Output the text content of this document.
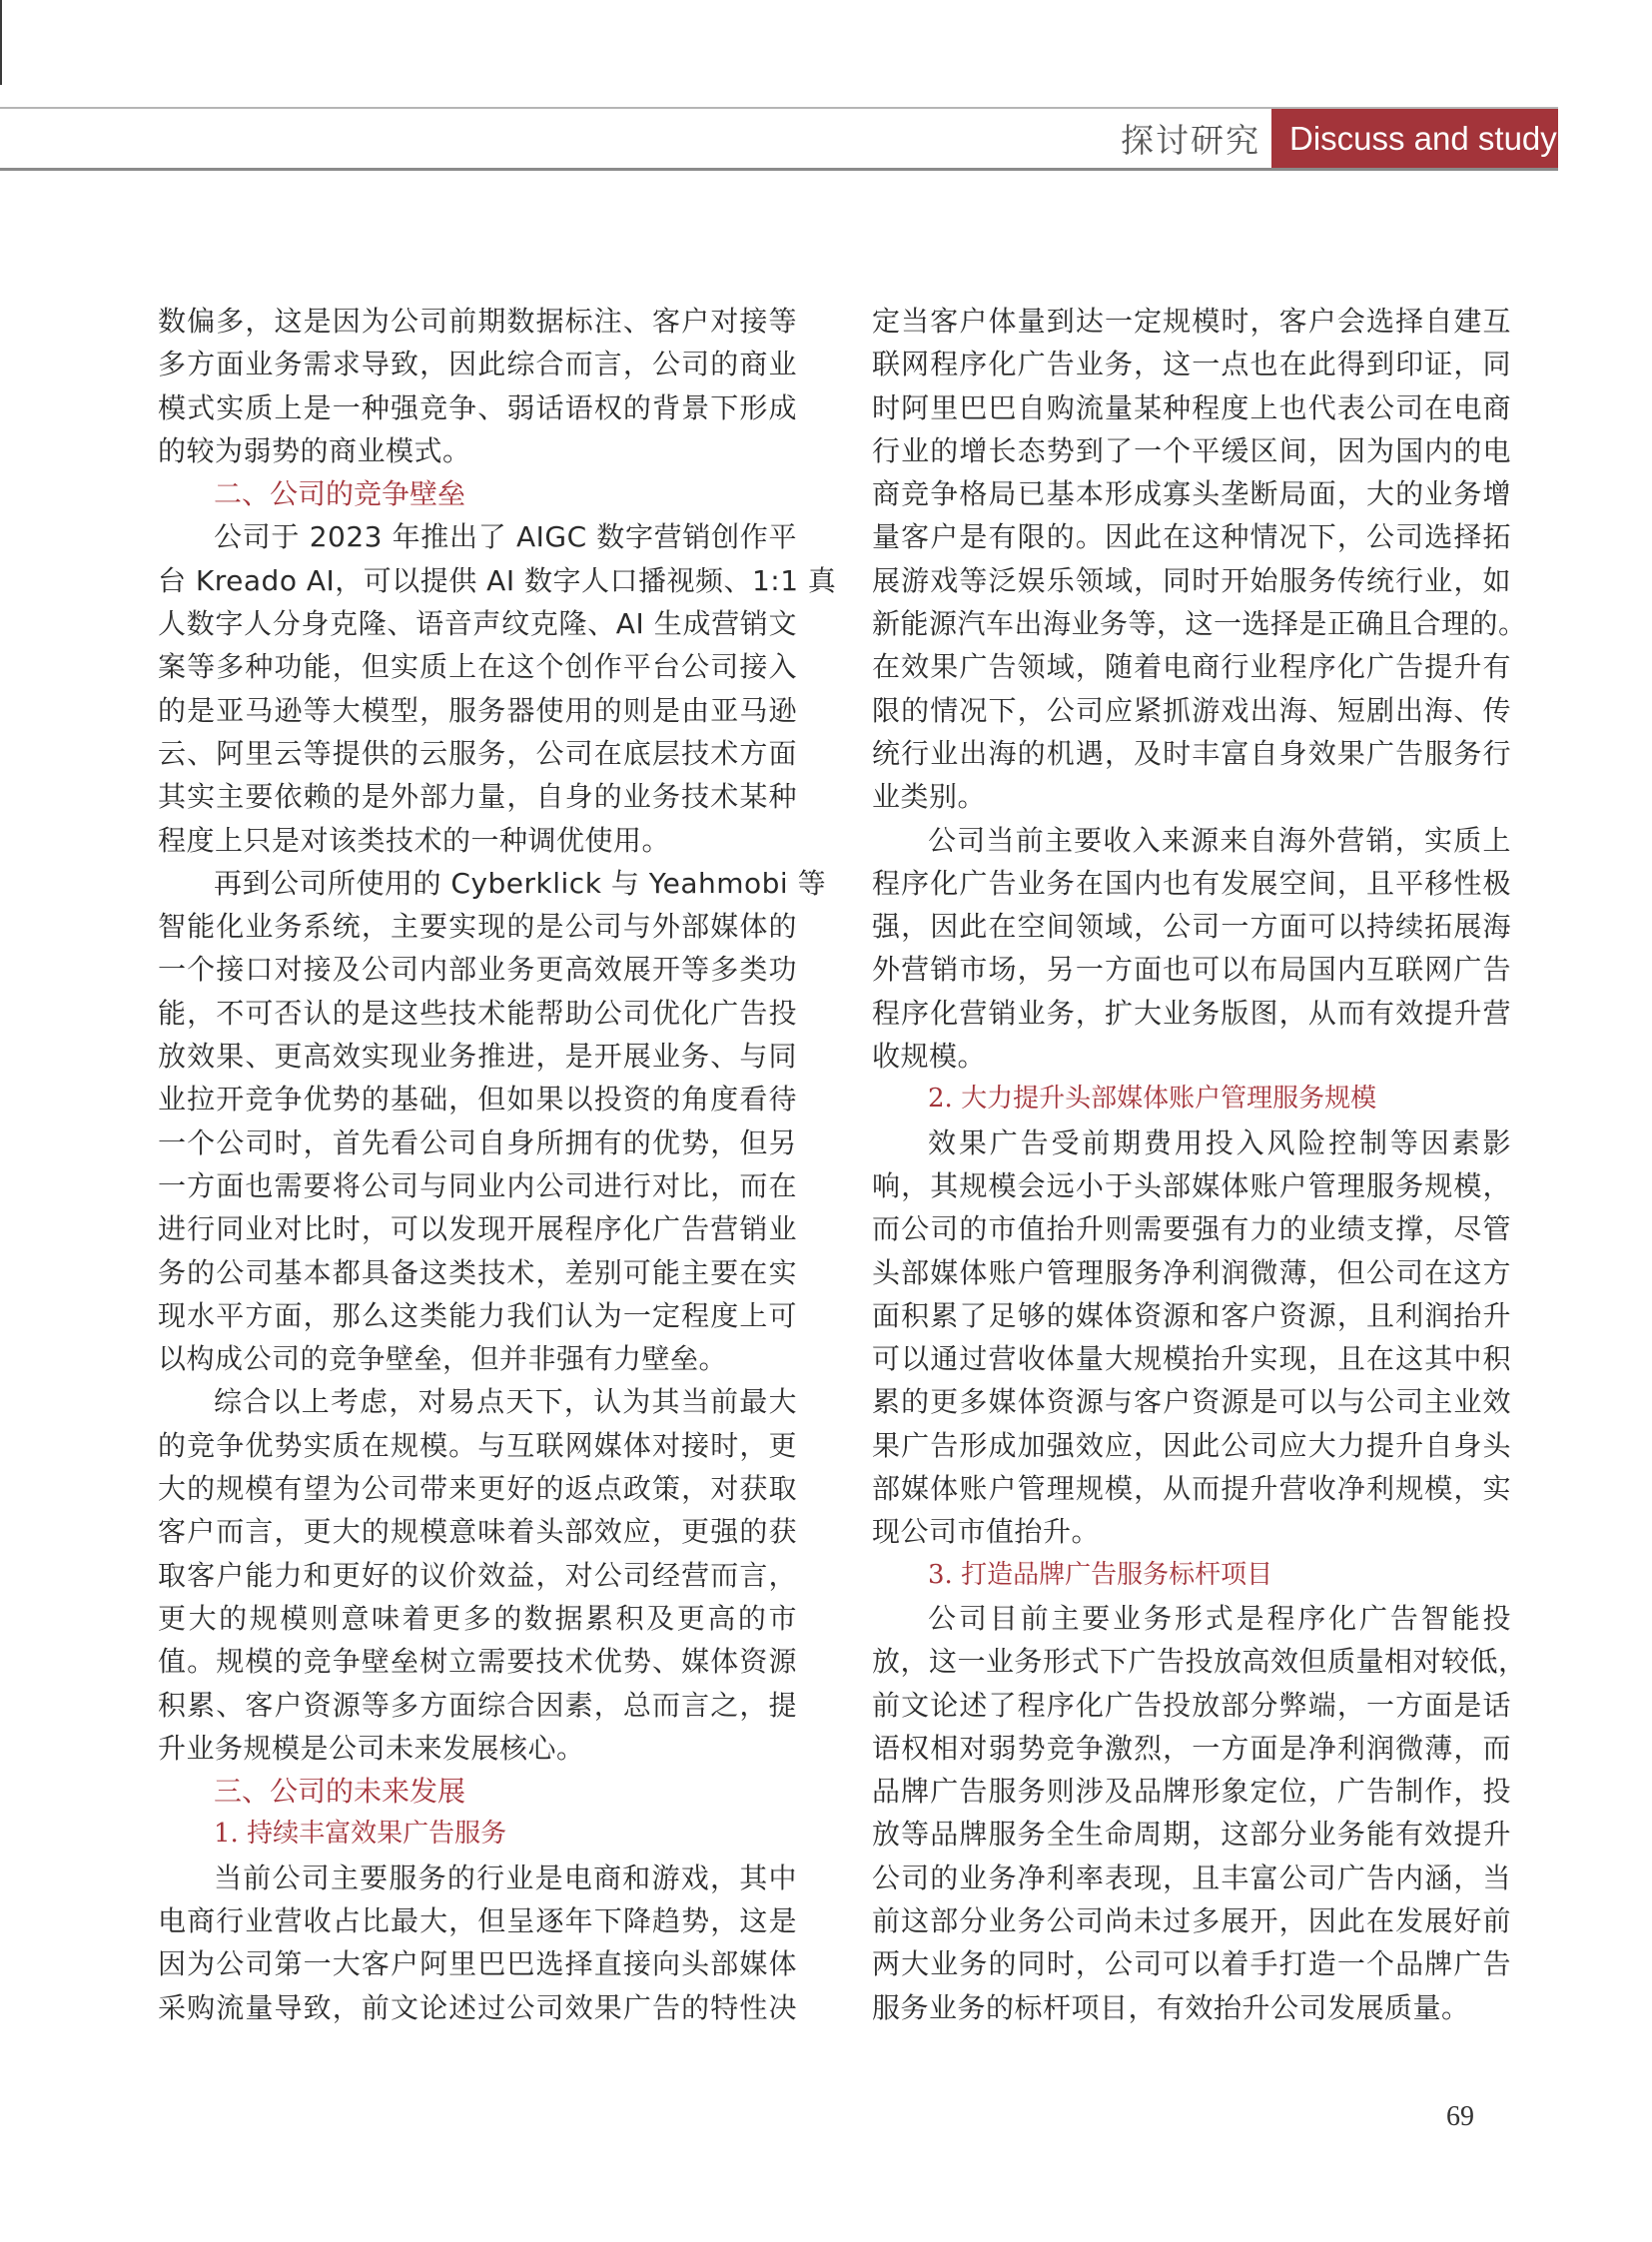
探讨研究 Discuss and study
数偏多，这是因为公司前期数据标注、客户对接等
多方面业务需求导致，因此综合而言，公司的商业
模式实质上是一种强竞争、弱话语权的背景下形成
的较为弱势的商业模式。
二、公司的竞争壁垒
公司于 2023 年推出了 AIGC 数字营销创作平
台 Kreado AI，可以提供 AI 数字人口播视频、1:1 真
人数字人分身克隆、语音声纹克隆、AI 生成营销文
案等多种功能，但实质上在这个创作平台公司接入
的是亚马逊等大模型，服务器使用的则是由亚马逊
云、阿里云等提供的云服务，公司在底层技术方面
其实主要依赖的是外部力量，自身的业务技术某种
程度上只是对该类技术的一种调优使用。
再到公司所使用的 Cyberklick 与 Yeahmobi 等
智能化业务系统，主要实现的是公司与外部媒体的
一个接口对接及公司内部业务更高效展开等多类功
能，不可否认的是这些技术能帮助公司优化广告投
放效果、更高效实现业务推进，是开展业务、与同
业拉开竞争优势的基础，但如果以投资的角度看待
一个公司时，首先看公司自身所拥有的优势，但另
一方面也需要将公司与同业内公司进行对比，而在
进行同业对比时，可以发现开展程序化广告营销业
务的公司基本都具备这类技术，差别可能主要在实
现水平方面，那么这类能力我们认为一定程度上可
以构成公司的竞争壁垒，但并非强有力壁垒。
综合以上考虑，对易点天下，认为其当前最大
的竞争优势实质在规模。与互联网媒体对接时，更
大的规模有望为公司带来更好的返点政策，对获取
客户而言，更大的规模意味着头部效应，更强的获
取客户能力和更好的议价效益，对公司经营而言，
更大的规模则意味着更多的数据累积及更高的市
值。规模的竞争壁垒树立需要技术优势、媒体资源
积累、客户资源等多方面综合因素，总而言之，提
升业务规模是公司未来发展核心。
三、公司的未来发展
1. 持续丰富效果广告服务
当前公司主要服务的行业是电商和游戏，其中
电商行业营收占比最大，但呈逐年下降趋势，这是
因为公司第一大客户阿里巴巴选择直接向头部媒体
采购流量导致，前文论述过公司效果广告的特性决
定当客户体量到达一定规模时，客户会选择自建互
联网程序化广告业务，这一点也在此得到印证，同
时阿里巴巴自购流量某种程度上也代表公司在电商
行业的增长态势到了一个平缓区间，因为国内的电
商竞争格局已基本形成寡头垄断局面，大的业务增
量客户是有限的。因此在这种情况下，公司选择拓
展游戏等泛娱乐领域，同时开始服务传统行业，如
新能源汽车出海业务等，这一选择是正确且合理的。
在效果广告领域，随着电商行业程序化广告提升有
限的情况下，公司应紧抓游戏出海、短剧出海、传
统行业出海的机遇，及时丰富自身效果广告服务行
业类别。
公司当前主要收入来源来自海外营销，实质上
程序化广告业务在国内也有发展空间，且平移性极
强，因此在空间领域，公司一方面可以持续拓展海
外营销市场，另一方面也可以布局国内互联网广告
程序化营销业务，扩大业务版图，从而有效提升营
收规模。
2. 大力提升头部媒体账户管理服务规模
效果广告受前期费用投入风险控制等因素影
响，其规模会远小于头部媒体账户管理服务规模，
而公司的市值抬升则需要强有力的业绩支撑，尽管
头部媒体账户管理服务净利润微薄，但公司在这方
面积累了足够的媒体资源和客户资源，且利润抬升
可以通过营收体量大规模抬升实现，且在这其中积
累的更多媒体资源与客户资源是可以与公司主业效
果广告形成加强效应，因此公司应大力提升自身头
部媒体账户管理规模，从而提升营收净利规模，实
现公司市值抬升。
3. 打造品牌广告服务标杆项目
公司目前主要业务形式是程序化广告智能投
放，这一业务形式下广告投放高效但质量相对较低，
前文论述了程序化广告投放部分弊端，一方面是话
语权相对弱势竞争激烈，一方面是净利润微薄，而
品牌广告服务则涉及品牌形象定位，广告制作，投
放等品牌服务全生命周期，这部分业务能有效提升
公司的业务净利率表现，且丰富公司广告内涵，当
前这部分业务公司尚未过多展开，因此在发展好前
两大业务的同时，公司可以着手打造一个品牌广告
服务业务的标杆项目，有效抬升公司发展质量。
69
